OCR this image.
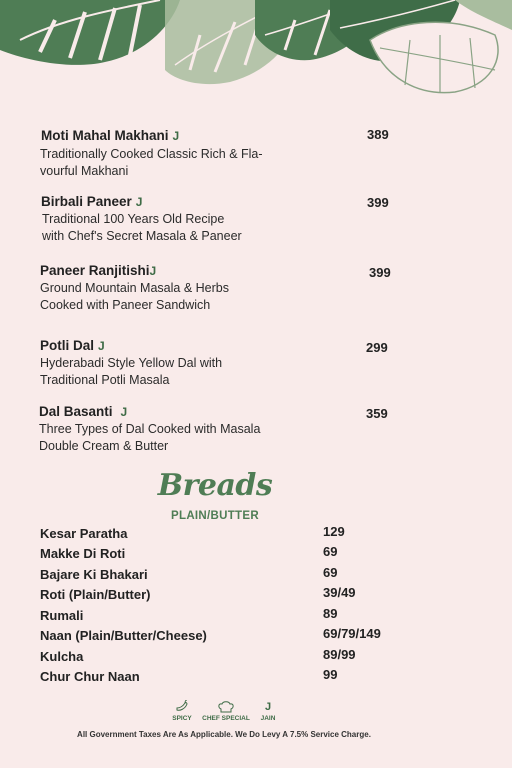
Moti Mahal Makhani J
Traditionally Cooked Classic Rich & Fla-
vourful Makhani
389
Birbali Paneer J
Traditional 100 Years Old Recipe
with Chef's Secret Masala & Paneer
399
Paneer RanjitishiJ
Ground Mountain Masala & Herbs
Cooked with Paneer Sandwich
399
Potli Dal J
Hyderabadi Style Yellow Dal with
Traditional Potli Masala
299
Dal Basanti J
Three Types of Dal Cooked with Masala
Double Cream & Butter
359
Breads
PLAIN/BUTTER
Kesar Paratha	129
Makke Di Roti	69
Bajare Ki Bhakari	69
Roti (Plain/Butter)	39/49
Rumali	89
Naan (Plain/Butter/Cheese)	69/79/149
Kulcha	89/99
Chur Chur Naan	99
SPICY	CHEF SPECIAL
J
JAIN
All Government Taxes Are As Applicable. We Do Levy A 7.5% Service Charge.
